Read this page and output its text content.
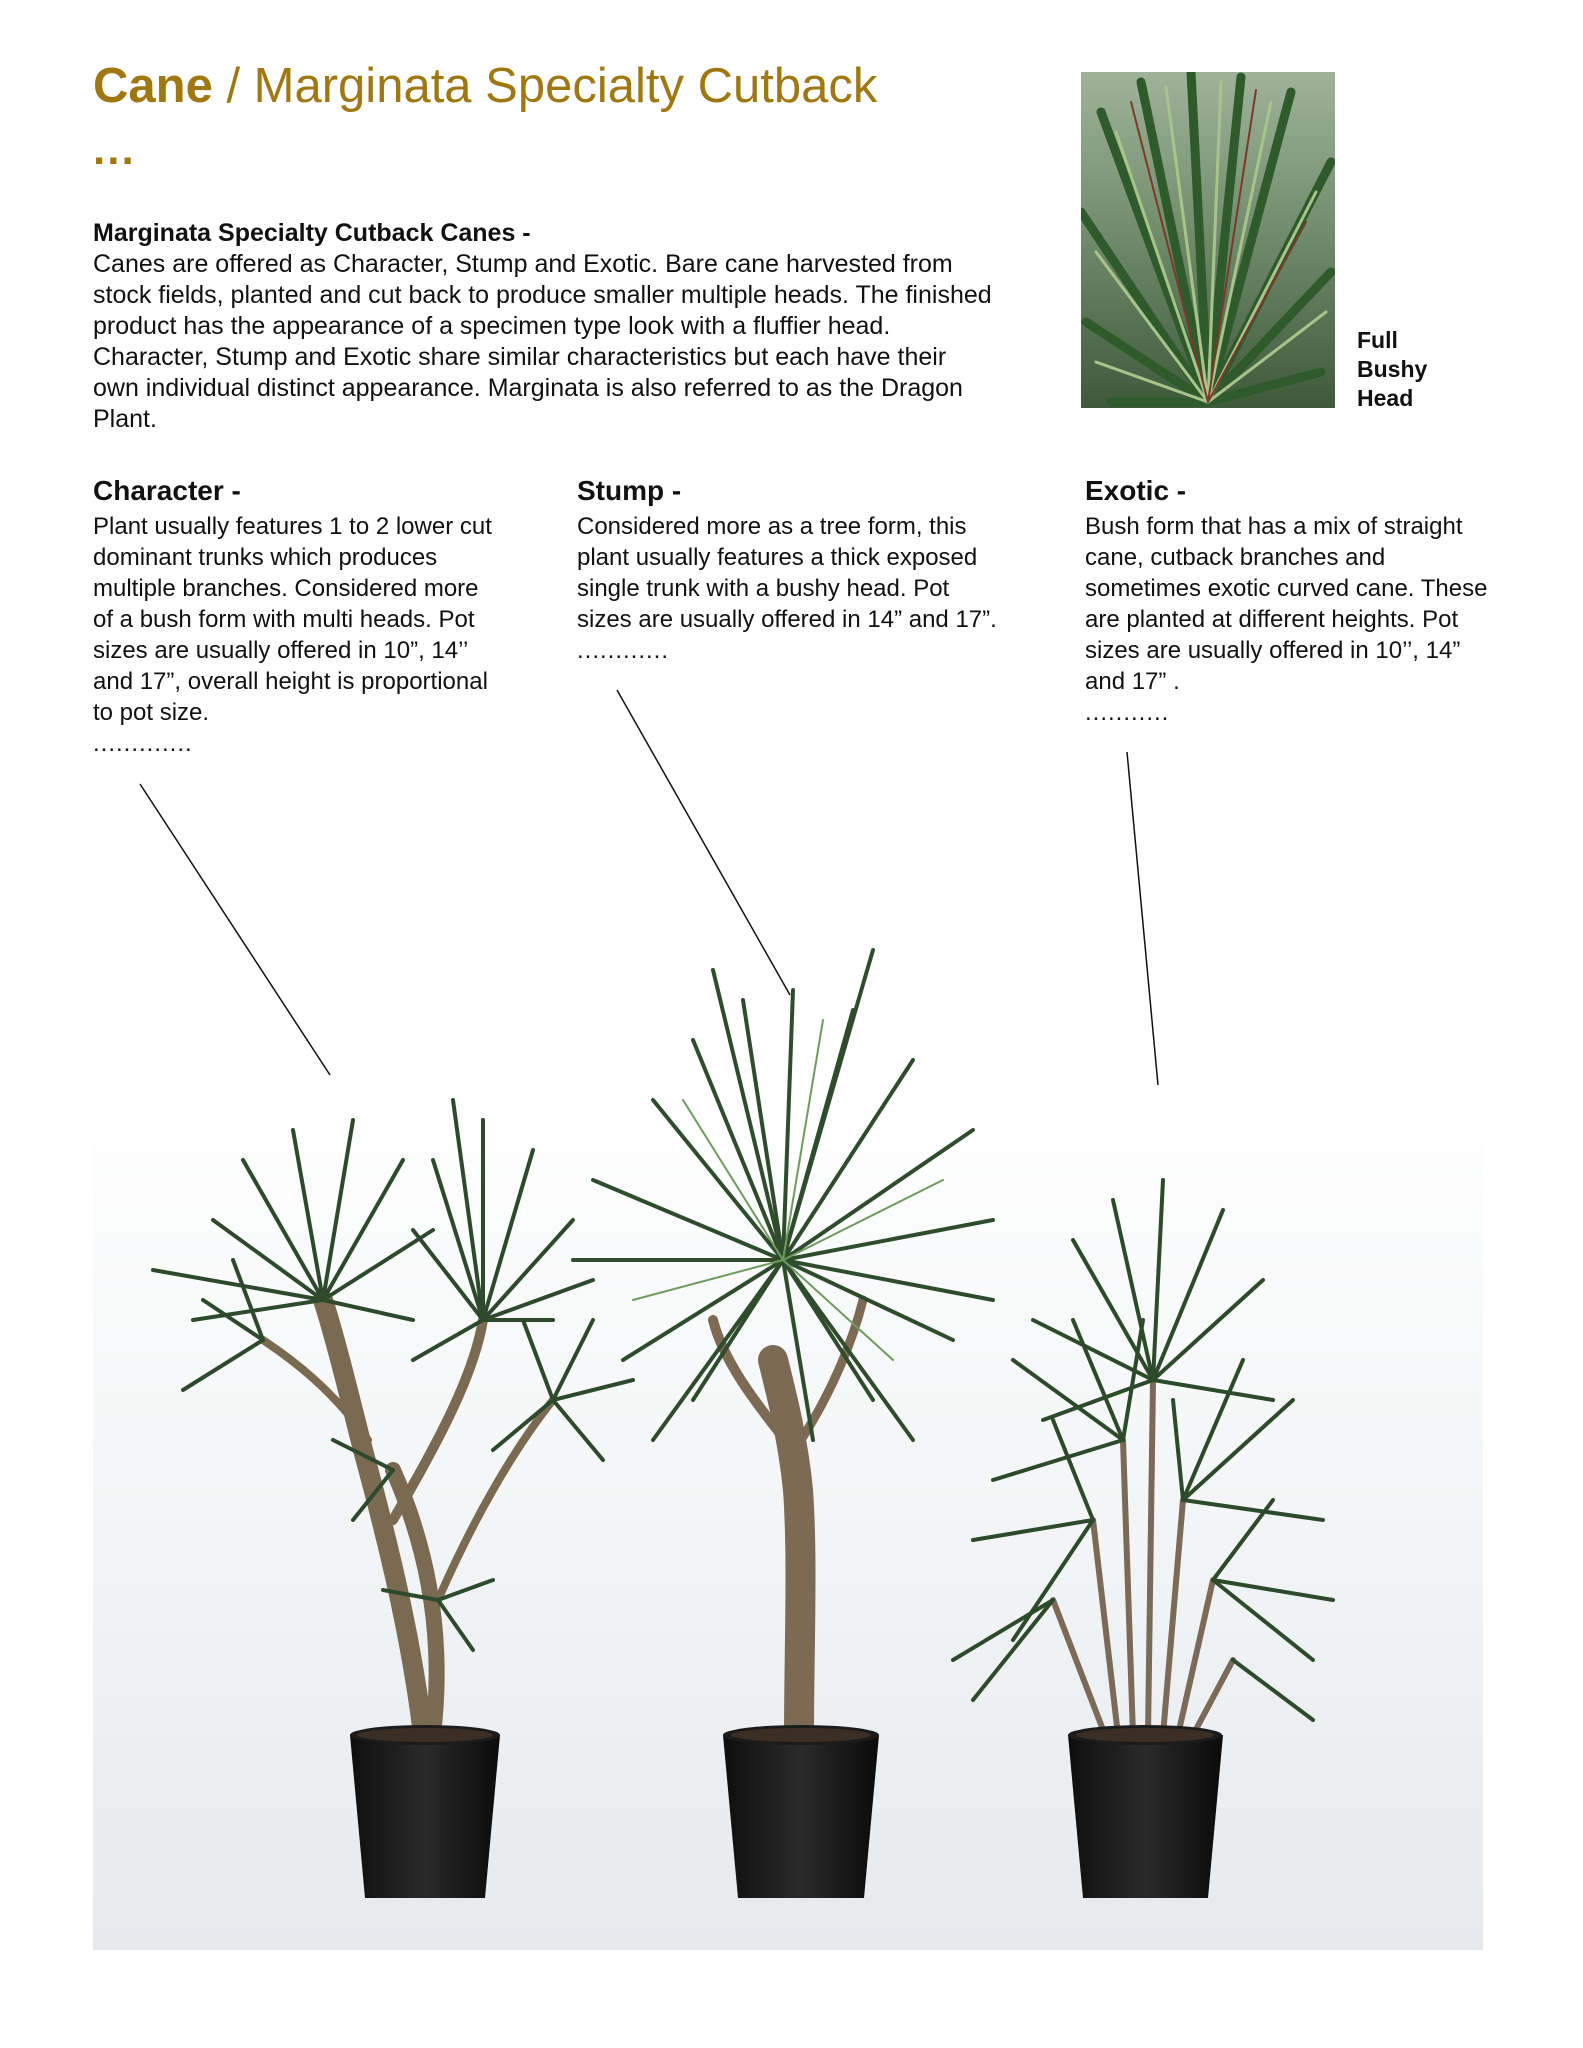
Cane / Marginata Specialty Cutback
...
Marginata Specialty Cutback Canes -
Canes are offered as Character, Stump and Exotic. Bare cane harvested from stock fields, planted and cut back to produce smaller multiple heads. The finished product has the appearance of a specimen type look with a fluffier head. Character, Stump and Exotic share similar characteristics but each have their own individual distinct appearance. Marginata is also referred to as the Dragon Plant.
Full
Bushy
Head
Character -
Plant usually features 1 to 2 lower cut dominant trunks which produces multiple branches. Considered more of a bush form with multi heads. Pot sizes are usually offered in 10”, 14’’ and 17”, overall height is proportional to pot size.
.............
Stump -
Considered more as a tree form, this plant usually features a thick exposed single trunk with a bushy head. Pot sizes are usually offered in 14” and 17”.
............
Exotic -
Bush form that has a mix of straight cane, cutback branches and sometimes exotic curved cane. These are planted at different heights. Pot sizes are usually offered in 10’’, 14” and 17” .
...........
